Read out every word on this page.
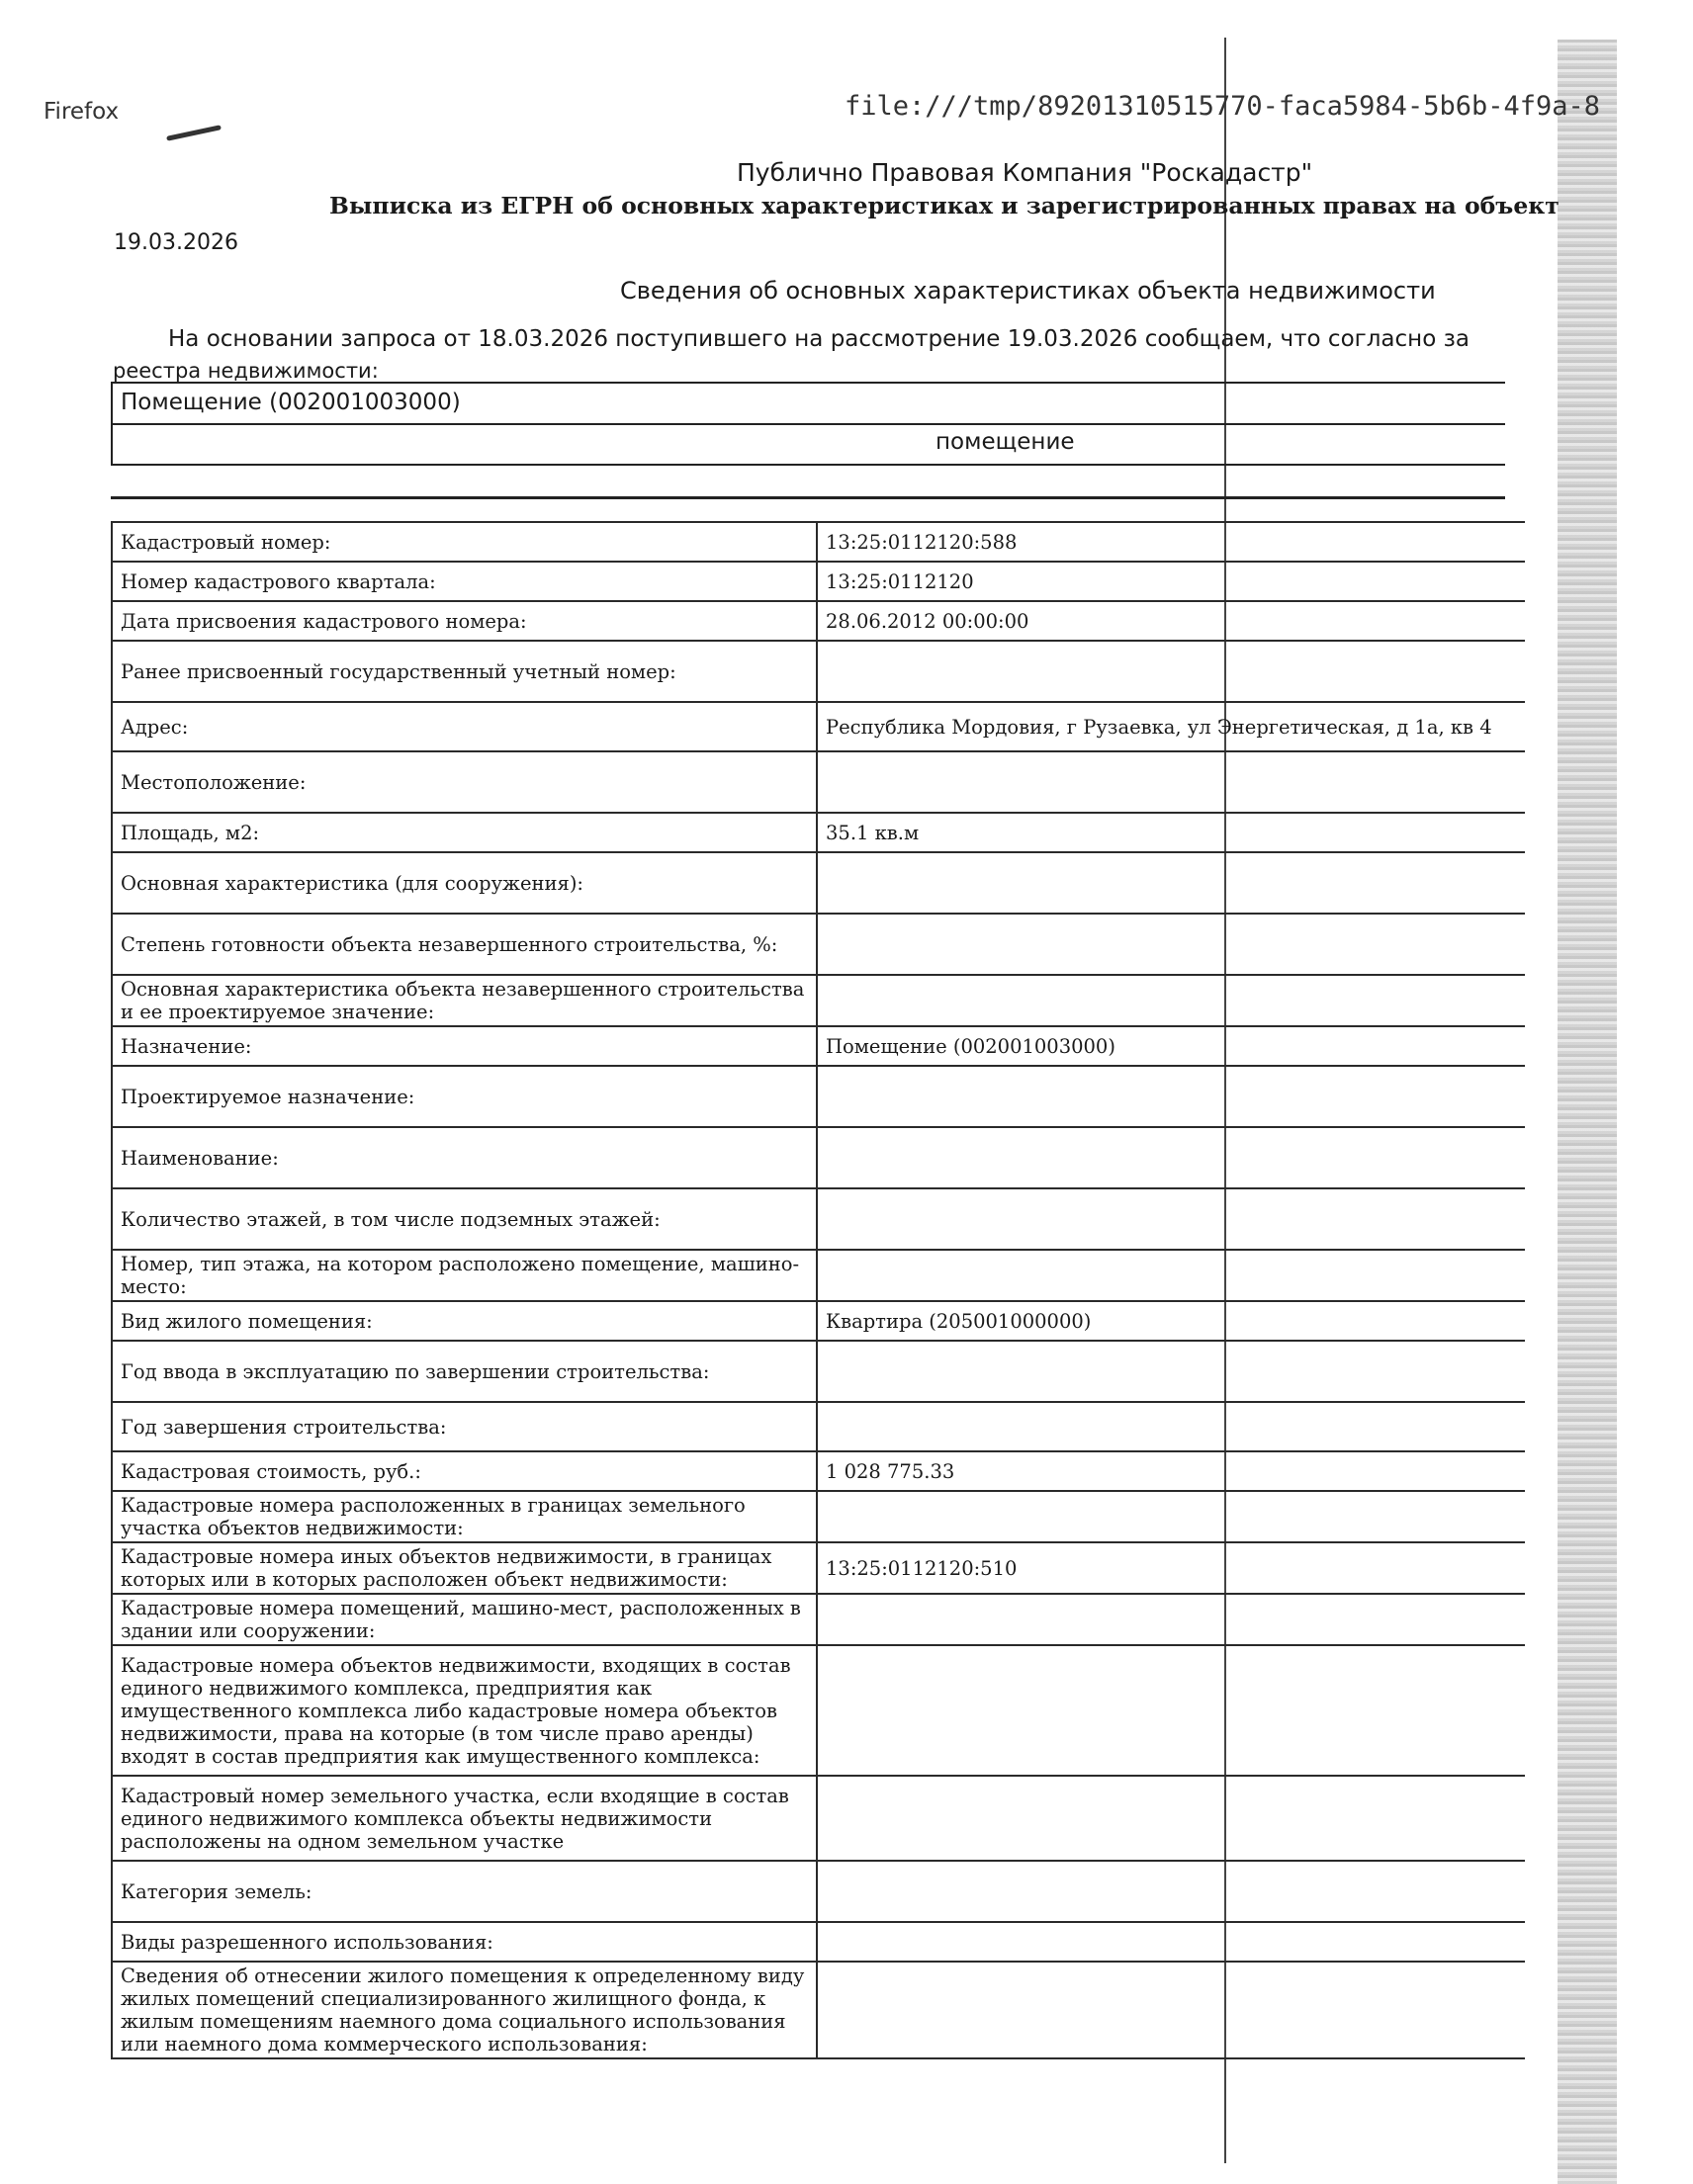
Firefox	file:///tmp/89201310515770-faca5984-5b6b-4f9a-8
Публично Правовая Компания "Роскадастр"
Выписка из ЕГРН об основных характеристиках и зарегистрированных правах на объект
19.03.2026
Сведения об основных характеристиках объекта недвижимости
На основании запроса от 18.03.2026 поступившего на рассмотрение 19.03.2026 сообщаем, что согласно за
реестра недвижимости:
Помещение (002001003000)
помещение
Кадастровый номер:	13:25:0112120:588
Номер кадастрового квартала:	13:25:0112120
Дата присвоения кадастрового номера:	28.06.2012 00:00:00
Ранее присвоенный государственный учетный номер:	
Адрес:	Республика Мордовия, г Рузаевка, ул Энергетическая, д 1а, кв 4
Местоположение:	
Площадь, м2:	35.1 кв.м
Основная характеристика (для сооружения):	
Степень готовности объекта незавершенного строительства, %:	
Основная характеристика объекта незавершенного строительства и ее проектируемое значение:	
Назначение:	Помещение (002001003000)
Проектируемое назначение:	
Наименование:	
Количество этажей, в том числе подземных этажей:	
Номер, тип этажа, на котором расположено помещение, машино-место:	
Вид жилого помещения:	Квартира (205001000000)
Год ввода в эксплуатацию по завершении строительства:	
Год завершения строительства:	
Кадастровая стоимость, руб.:	1 028 775.33
Кадастровые номера расположенных в границах земельного участка объектов недвижимости:	
Кадастровые номера иных объектов недвижимости, в границах которых или в которых расположен объект недвижимости:	13:25:0112120:510
Кадастровые номера помещений, машино-мест, расположенных в здании или сооружении:	
Кадастровые номера объектов недвижимости, входящих в состав единого недвижимого комплекса, предприятия как имущественного комплекса либо кадастровые номера объектов недвижимости, права на которые (в том числе право аренды) входят в состав предприятия как имущественного комплекса:	
Кадастровый номер земельного участка, если входящие в состав единого недвижимого комплекса объекты недвижимости расположены на одном земельном участке	
Категория земель:	
Виды разрешенного использования:	
Сведения об отнесении жилого помещения к определенному виду жилых помещений специализированного жилищного фонда, к жилым помещениям наемного дома социального использования или наемного дома коммерческого использования:	
